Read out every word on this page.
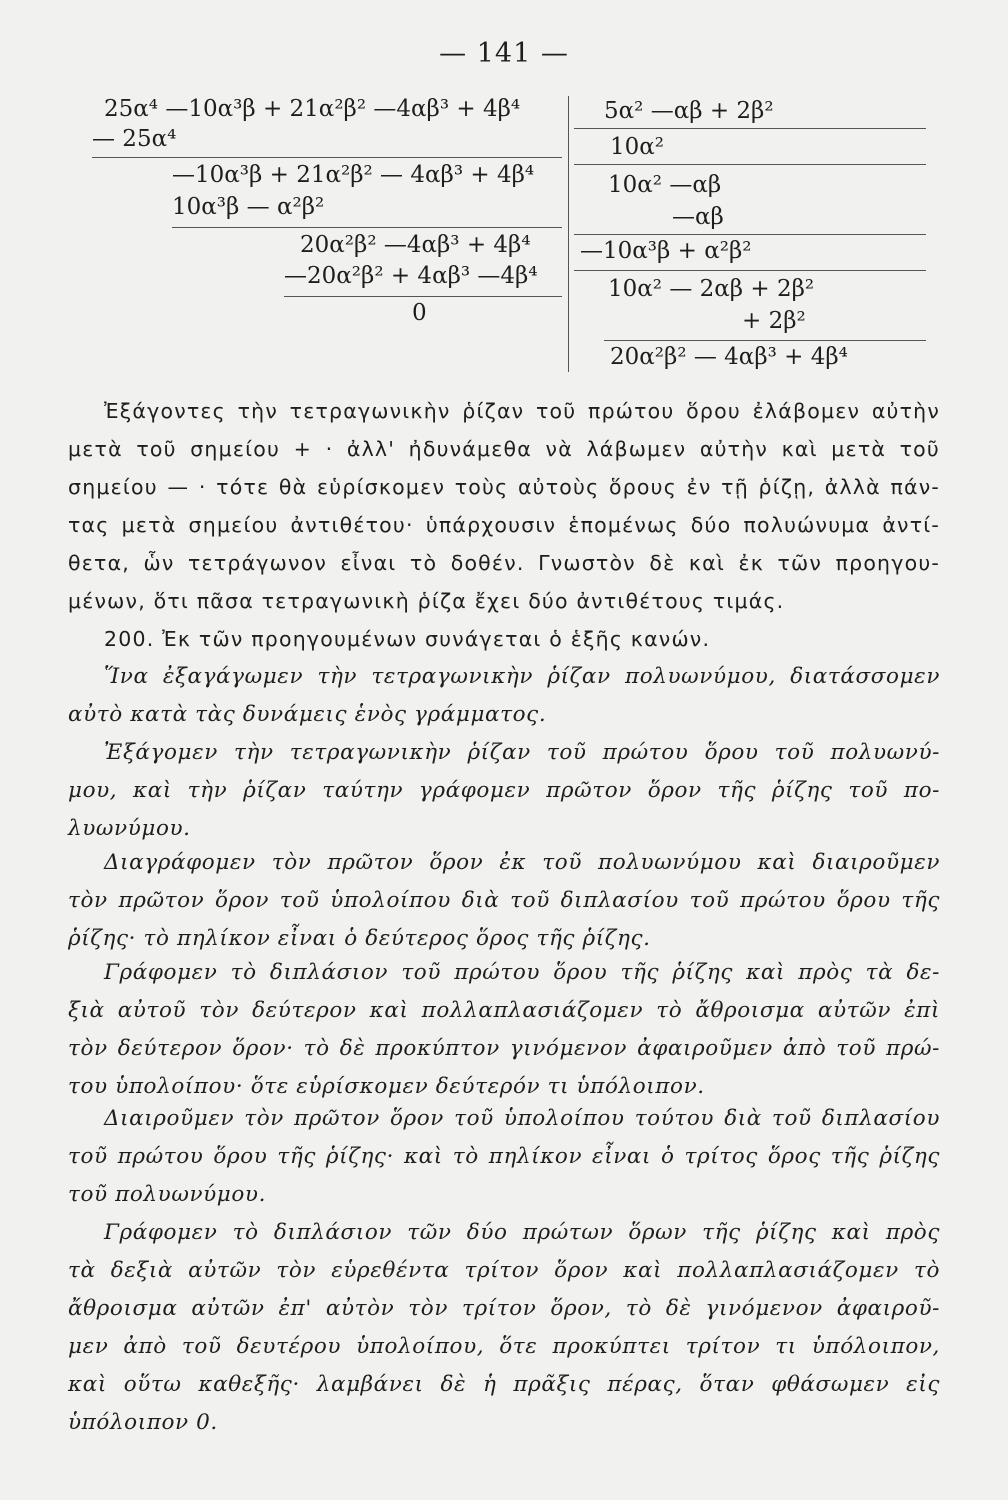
— 141 —
25α⁴ —10α³β + 21α²β² —4αβ³ + 4β⁴
— 25α⁴
—10α³β + 21α²β² — 4αβ³ + 4β⁴
10α³β — α²β²
20α²β² —4αβ³ + 4β⁴
—20α²β² + 4αβ³ —4β⁴
0
5α² —αβ + 2β²
10α²
10α² —αβ
—αβ
—10α³β + α²β²
10α² — 2αβ + 2β²
+ 2β²
20α²β² — 4αβ³ + 4β⁴
Ἐξάγοντες τὴν τετραγωνικὴν ῥίζαν τοῦ πρώτου ὅρου ἐλάβομεν αὐτὴν
μετὰ τοῦ σημείου + · ἀλλ' ἠδυνάμεθα νὰ λάβωμεν αὐτὴν καὶ μετὰ τοῦ
σημείου — · τότε θὰ εὑρίσκομεν τοὺς αὐτοὺς ὅρους ἐν τῇ ῥίζῃ, ἀλλὰ πάν-
τας μετὰ σημείου ἀντιθέτου· ὑπάρχουσιν ἑπομένως δύο πολυώνυμα ἀντί-
θετα, ὧν τετράγωνον εἶναι τὸ δοθέν. Γνωστὸν δὲ καὶ ἐκ τῶν προηγου-
μένων, ὅτι πᾶσα τετραγωνικὴ ῥίζα ἔχει δύο ἀντιθέτους τιμάς.
200. Ἐκ τῶν προηγουμένων συνάγεται ὁ ἑξῆς κανών.
Ἵνα ἐξαγάγωμεν τὴν τετραγωνικὴν ῥίζαν πολυωνύμου, διατάσσομεν
αὐτὸ κατὰ τὰς δυνάμεις ἑνὸς γράμματος.
Ἐξάγομεν τὴν τετραγωνικὴν ῥίζαν τοῦ πρώτου ὅρου τοῦ πολυωνύ-
μου, καὶ τὴν ῥίζαν ταύτην γράφομεν πρῶτον ὅρον τῆς ῥίζης τοῦ πο-
λυωνύμου.
Διαγράφομεν τὸν πρῶτον ὅρον ἐκ τοῦ πολυωνύμου καὶ διαιροῦμεν
τὸν πρῶτον ὅρον τοῦ ὑπολοίπου διὰ τοῦ διπλασίου τοῦ πρώτου ὅρου τῆς
ῥίζης· τὸ πηλίκον εἶναι ὁ δεύτερος ὅρος τῆς ῥίζης.
Γράφομεν τὸ διπλάσιον τοῦ πρώτου ὅρου τῆς ῥίζης καὶ πρὸς τὰ δε-
ξιὰ αὐτοῦ τὸν δεύτερον καὶ πολλαπλασιάζομεν τὸ ἄθροισμα αὐτῶν ἐπὶ
τὸν δεύτερον ὅρον· τὸ δὲ προκύπτον γινόμενον ἀφαιροῦμεν ἀπὸ τοῦ πρώ-
του ὑπολοίπου· ὅτε εὑρίσκομεν δεύτερόν τι ὑπόλοιπον.
Διαιροῦμεν τὸν πρῶτον ὅρον τοῦ ὑπολοίπου τούτου διὰ τοῦ διπλασίου
τοῦ πρώτου ὅρου τῆς ῥίζης· καὶ τὸ πηλίκον εἶναι ὁ τρίτος ὅρος τῆς ῥίζης
τοῦ πολυωνύμου.
Γράφομεν τὸ διπλάσιον τῶν δύο πρώτων ὅρων τῆς ῥίζης καὶ πρὸς
τὰ δεξιὰ αὐτῶν τὸν εὑρεθέντα τρίτον ὅρον καὶ πολλαπλασιάζομεν τὸ
ἄθροισμα αὐτῶν ἐπ' αὐτὸν τὸν τρίτον ὅρον, τὸ δὲ γινόμενον ἀφαιροῦ-
μεν ἀπὸ τοῦ δευτέρου ὑπολοίπου, ὅτε προκύπτει τρίτον τι ὑπόλοιπον,
καὶ οὕτω καθεξῆς· λαμβάνει δὲ ἡ πρᾶξις πέρας, ὅταν φθάσωμεν εἰς
ὑπόλοιπον 0.
